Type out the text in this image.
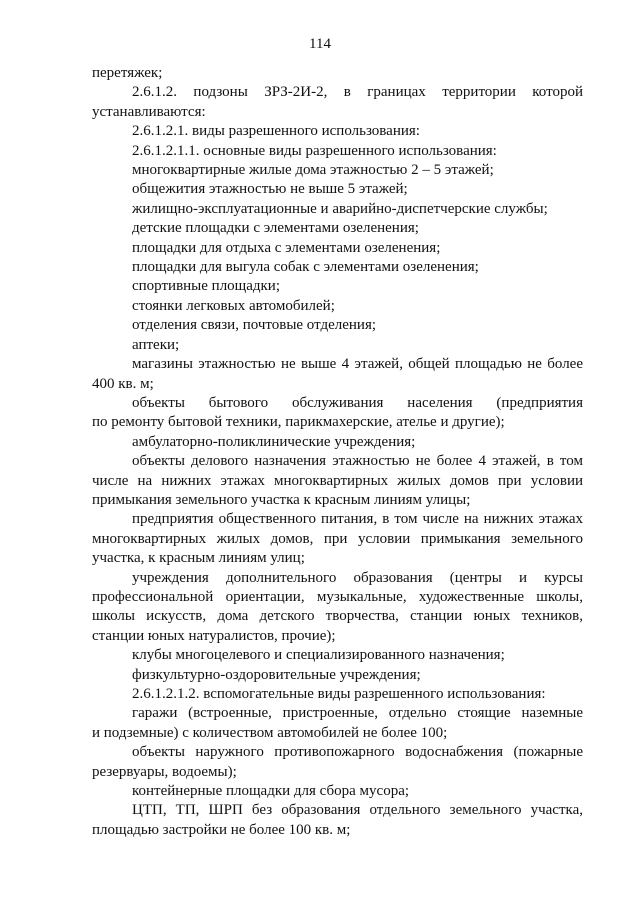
114
перетяжек;
2.6.1.2. подзоны ЗРЗ-2И-2, в границах территории которой
устанавливаются:
2.6.1.2.1. виды разрешенного использования:
2.6.1.2.1.1. основные виды разрешенного использования:
многоквартирные жилые дома этажностью 2 – 5 этажей;
общежития этажностью не выше 5 этажей;
жилищно-эксплуатационные и аварийно-диспетчерские службы;
детские площадки с элементами озеленения;
площадки для отдыха с элементами озеленения;
площадки для выгула собак с элементами озеленения;
спортивные площадки;
стоянки легковых автомобилей;
отделения связи, почтовые отделения;
аптеки;
магазины этажностью не выше 4 этажей, общей площадью не более
400 кв. м;
объекты бытового обслуживания населения (предприятия
по ремонту бытовой техники, парикмахерские, ателье и другие);
амбулаторно-поликлинические учреждения;
объекты делового назначения этажностью не более 4 этажей, в том
числе на нижних этажах многоквартирных жилых домов при условии
примыкания земельного участка к красным линиям улицы;
предприятия общественного питания, в том числе на нижних этажах
многоквартирных жилых домов, при условии примыкания земельного
участка, к красным линиям улиц;
учреждения дополнительного образования (центры и курсы
профессиональной ориентации, музыкальные, художественные школы,
школы искусств, дома детского творчества, станции юных техников,
станции юных натуралистов, прочие);
клубы многоцелевого и специализированного назначения;
физкультурно-оздоровительные учреждения;
2.6.1.2.1.2. вспомогательные виды разрешенного использования:
гаражи (встроенные, пристроенные, отдельно стоящие наземные
и подземные) с количеством автомобилей не более 100;
объекты наружного противопожарного водоснабжения (пожарные
резервуары, водоемы);
контейнерные площадки для сбора мусора;
ЦТП, ТП, ШРП без образования отдельного земельного участка,
площадью застройки не более 100 кв. м;
